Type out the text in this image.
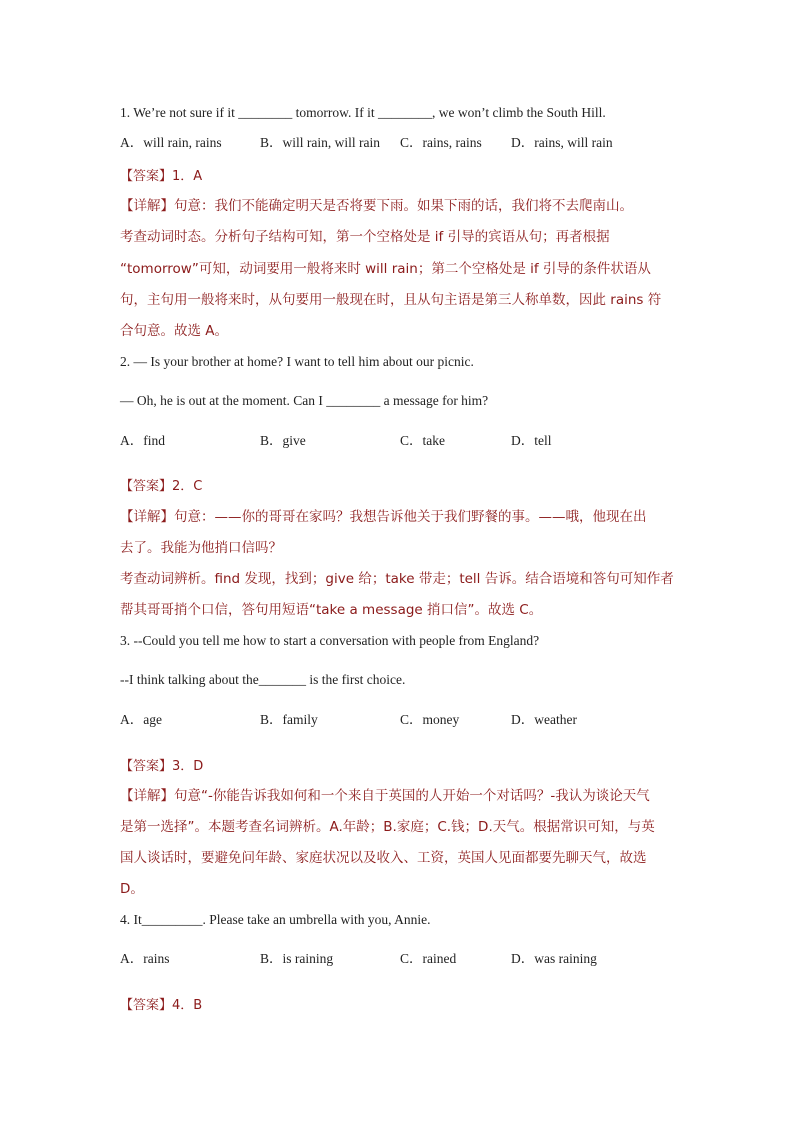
1. We’re not sure if it ________ tomorrow. If it ________, we won’t climb the South Hill.
A．will rain, rains	B．will rain, will rain C．rains, rains D．rains, will rain
【答案】1．A
【详解】句意：我们不能确定明天是否将要下雨。如果下雨的话，我们将不去爬南山。
考查动词时态。分析句子结构可知，第一个空格处是 if 引导的宾语从句；再者根据
“tomorrow”可知，动词要用一般将来时 will rain；第二个空格处是 if 引导的条件状语从
句，主句用一般将来时，从句要用一般现在时，且从句主语是第三人称单数，因此 rains 符
合句意。故选 A。
2. — Is your brother at home? I want to tell him about our picnic.
— Oh, he is out at the moment. Can I ________ a message for him?
A．find	B．give	C．take	D．tell
【答案】2．C
【详解】句意：——你的哥哥在家吗？我想告诉他关于我们野餐的事。——哦，他现在出
去了。我能为他捎口信吗？
考查动词辨析。find 发现，找到；give 给；take 带走；tell 告诉。结合语境和答句可知作者
帮其哥哥捎个口信，答句用短语“take a message 捎口信”。故选 C。
3. --Could you tell me how to start a conversation with people from England?
--I think talking about the_______ is the first choice.
A．age	B．family	C．money	D．weather
【答案】3．D
【详解】句意“-你能告诉我如何和一个来自于英国的人开始一个对话吗？-我认为谈论天气
是第一选择”。本题考查名词辨析。A.年龄；B.家庭；C.钱；D.天气。根据常识可知，与英
国人谈话时，要避免问年龄、家庭状况以及收入、工资，英国人见面都要先聊天气，故选
D。
4. It_________. Please take an umbrella with you, Annie.
A．rains	B．is raining	C．rained	D．was raining
【答案】4．B
